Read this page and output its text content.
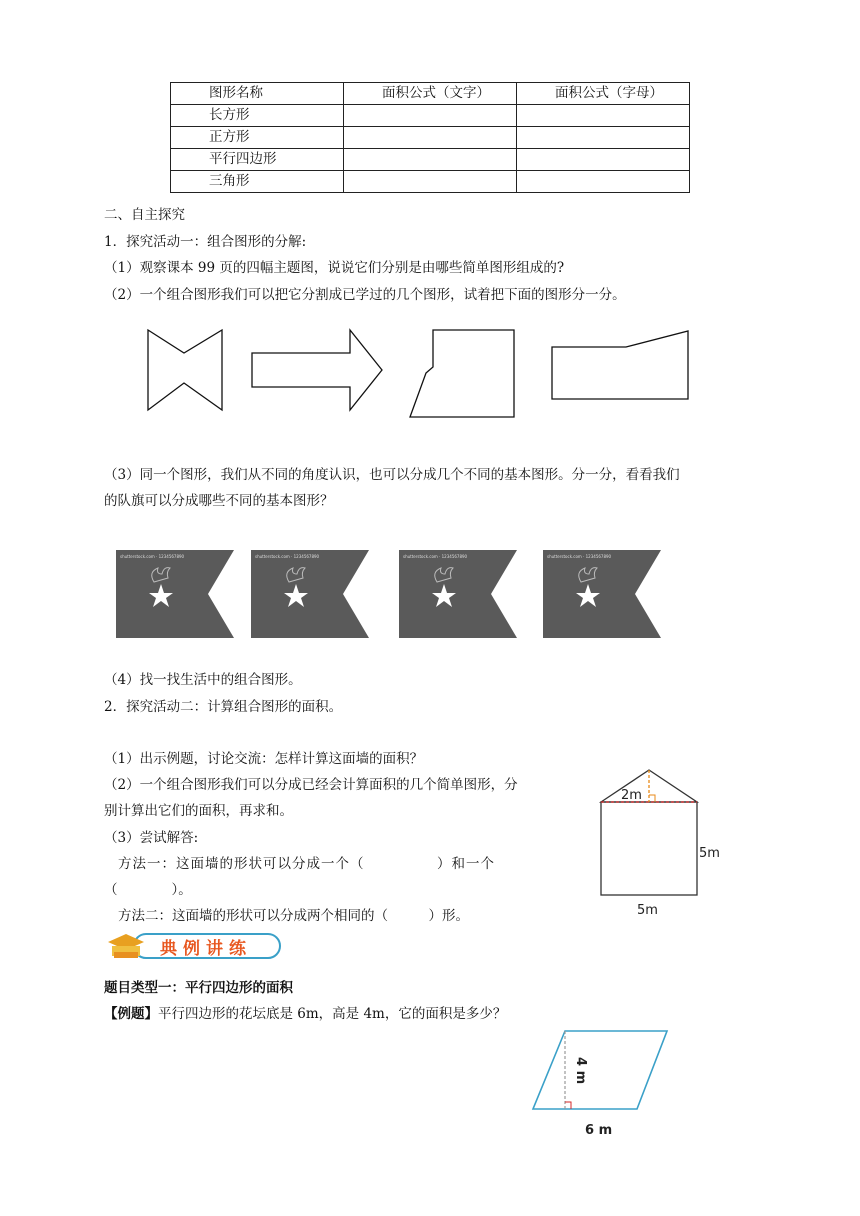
图形名称	面积公式（文字）	面积公式（字母）
长方形		
正方形		
平行四边形		
三角形		
二、自主探究
1．探究活动一：组合图形的分解:
（1）观察课本 99 页的四幅主题图，说说它们分别是由哪些简单图形组成的?
（2）一个组合图形我们可以把它分割成已学过的几个图形，试着把下面的图形分一分。
（3）同一个图形，我们从不同的角度认识，也可以分成几个不同的基本图形。分一分，看看我们
的队旗可以分成哪些不同的基本图形？
shutterstock.com · 1234567890	shutterstock.com · 1234567890	shutterstock.com · 1234567890	shutterstock.com · 1234567890
（4）找一找生活中的组合图形。
2．探究活动二：计算组合图形的面积。
（1）出示例题，讨论交流：怎样计算这面墙的面积？
（2）一个组合图形我们可以分成已经会计算面积的几个简单图形，分
别计算出它们的面积，再求和。
（3）尝试解答:
方法一：这面墙的形状可以分成一个（　　　　　）和一个
（　　　　）。
方法二：这面墙的形状可以分成两个相同的（　　　）形。
2m
5m
5m
典例讲练
题目类型一：平行四边形的面积
【例题】平行四边形的花坛底是 6m，高是 4m，它的面积是多少？
4 m
6 m
